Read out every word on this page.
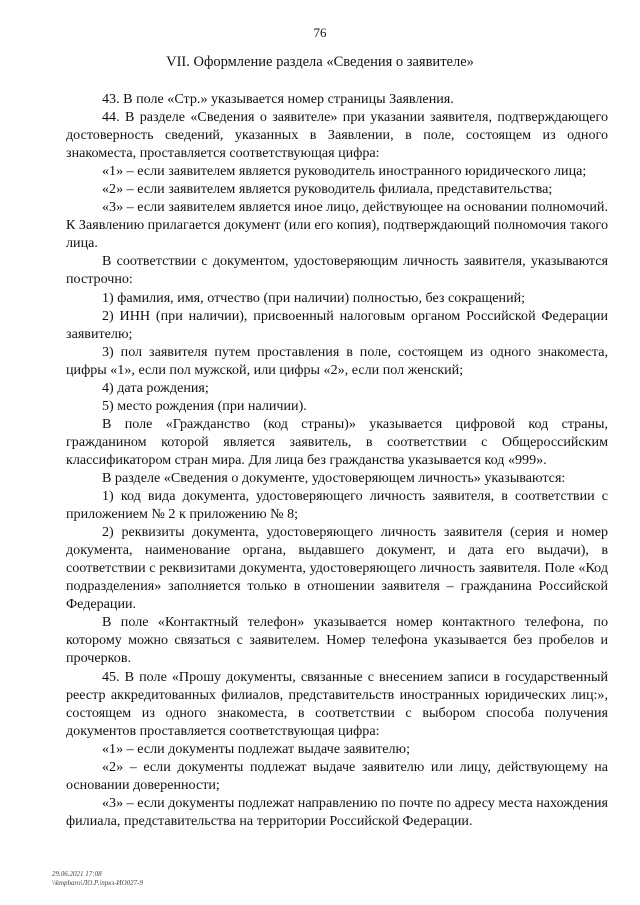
76
VII. Оформление раздела «Сведения о заявителе»

43. В поле «Стр.» указывается номер страницы Заявления.

44. В разделе «Сведения о заявителе» при указании заявителя, подтверждающего достоверность сведений, указанных в Заявлении, в поле, состоящем из одного знакоместа, проставляется соответствующая цифра:

«1» – если заявителем является руководитель иностранного юридического лица;

«2» – если заявителем является руководитель филиала, представительства;

«3» – если заявителем является иное лицо, действующее на основании полномочий. К Заявлению прилагается документ (или его копия), подтверждающий полномочия такого лица.

В соответствии с документом, удостоверяющим личность заявителя, указываются построчно:

1) фамилия, имя, отчество (при наличии) полностью, без сокращений;

2) ИНН (при наличии), присвоенный налоговым органом Российской Федерации заявителю;

3) пол заявителя путем проставления в поле, состоящем из одного знакоместа, цифры «1», если пол мужской, или цифры «2», если пол женский;

4) дата рождения;

5) место рождения (при наличии).

В поле «Гражданство (код страны)» указывается цифровой код страны, гражданином которой является заявитель, в соответствии с Общероссийским классификатором стран мира. Для лица без гражданства указывается код «999».

В разделе «Сведения о документе, удостоверяющем личность» указываются:

1) код вида документа, удостоверяющего личность заявителя, в соответствии с приложением № 2 к приложению № 8;

2) реквизиты документа, удостоверяющего личность заявителя (серия и номер документа, наименование органа, выдавшего документ, и дата его выдачи), в соответствии с реквизитами документа, удостоверяющего личность заявителя. Поле «Код подразделения» заполняется только в отношении заявителя – гражданина Российской Федерации.

В поле «Контактный телефон» указывается номер контактного телефона, по которому можно связаться с заявителем. Номер телефона указывается без пробелов и прочерков.

45. В поле «Прошу документы, связанные с внесением записи в государственный реестр аккредитованных филиалов, представительств иностранных юридических лиц:», состоящем из одного знакоместа, в соответствии с выбором способа получения документов проставляется соответствующая цифра:

«1» – если документы подлежат выдаче заявителю;

«2» – если документы подлежат выдаче заявителю или лицу, действующему на основании доверенности;

«3» – если документы подлежат направлению по почте по адресу места нахождения филиала, представительства на территории Российской Федерации.

29.06.2021 17:08
\\kmpbaro\ЛО.Р.\пркз-ИО027-9
